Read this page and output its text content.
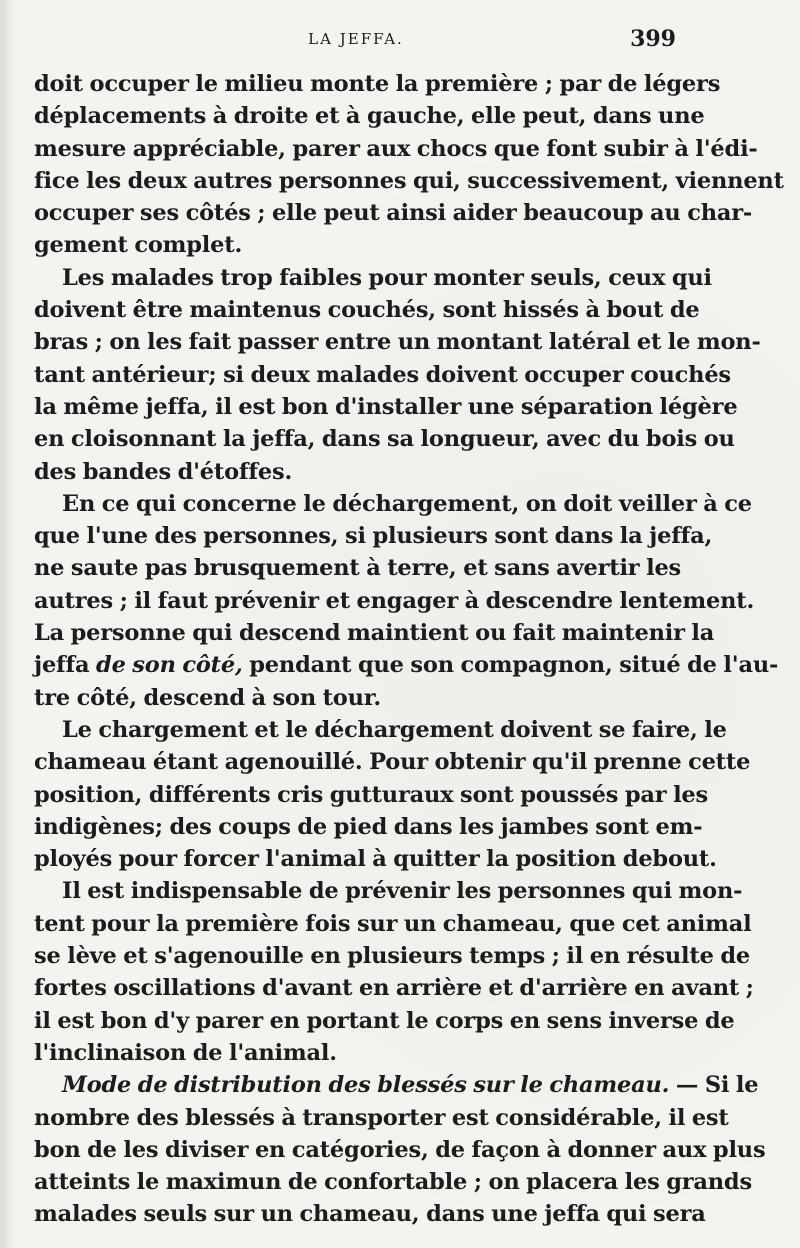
LA JEFFA.	399
doit occuper le milieu monte la première ; par de légers
déplacements à droite et à gauche, elle peut, dans une
mesure appréciable, parer aux chocs que font subir à l'édi-
fice les deux autres personnes qui, successivement, viennent
occuper ses côtés ; elle peut ainsi aider beaucoup au char-
gement complet.
Les malades trop faibles pour monter seuls, ceux qui
doivent être maintenus couchés, sont hissés à bout de
bras ; on les fait passer entre un montant latéral et le mon-
tant antérieur; si deux malades doivent occuper couchés
la même jeffa, il est bon d'installer une séparation légère
en cloisonnant la jeffa, dans sa longueur, avec du bois ou
des bandes d'étoffes.
En ce qui concerne le déchargement, on doit veiller à ce
que l'une des personnes, si plusieurs sont dans la jeffa,
ne saute pas brusquement à terre, et sans avertir les
autres ; il faut prévenir et engager à descendre lentement.
La personne qui descend maintient ou fait maintenir la
jeffa de son côté, pendant que son compagnon, situé de l'au-
tre côté, descend à son tour.
Le chargement et le déchargement doivent se faire, le
chameau étant agenouillé. Pour obtenir qu'il prenne cette
position, différents cris gutturaux sont poussés par les
indigènes; des coups de pied dans les jambes sont em-
ployés pour forcer l'animal à quitter la position debout.
Il est indispensable de prévenir les personnes qui mon-
tent pour la première fois sur un chameau, que cet animal
se lève et s'agenouille en plusieurs temps ; il en résulte de
fortes oscillations d'avant en arrière et d'arrière en avant ;
il est bon d'y parer en portant le corps en sens inverse de
l'inclinaison de l'animal.
Mode de distribution des blessés sur le chameau. — Si le
nombre des blessés à transporter est considérable, il est
bon de les diviser en catégories, de façon à donner aux plus
atteints le maximun de confortable ; on placera les grands
malades seuls sur un chameau, dans une jeffa qui sera
